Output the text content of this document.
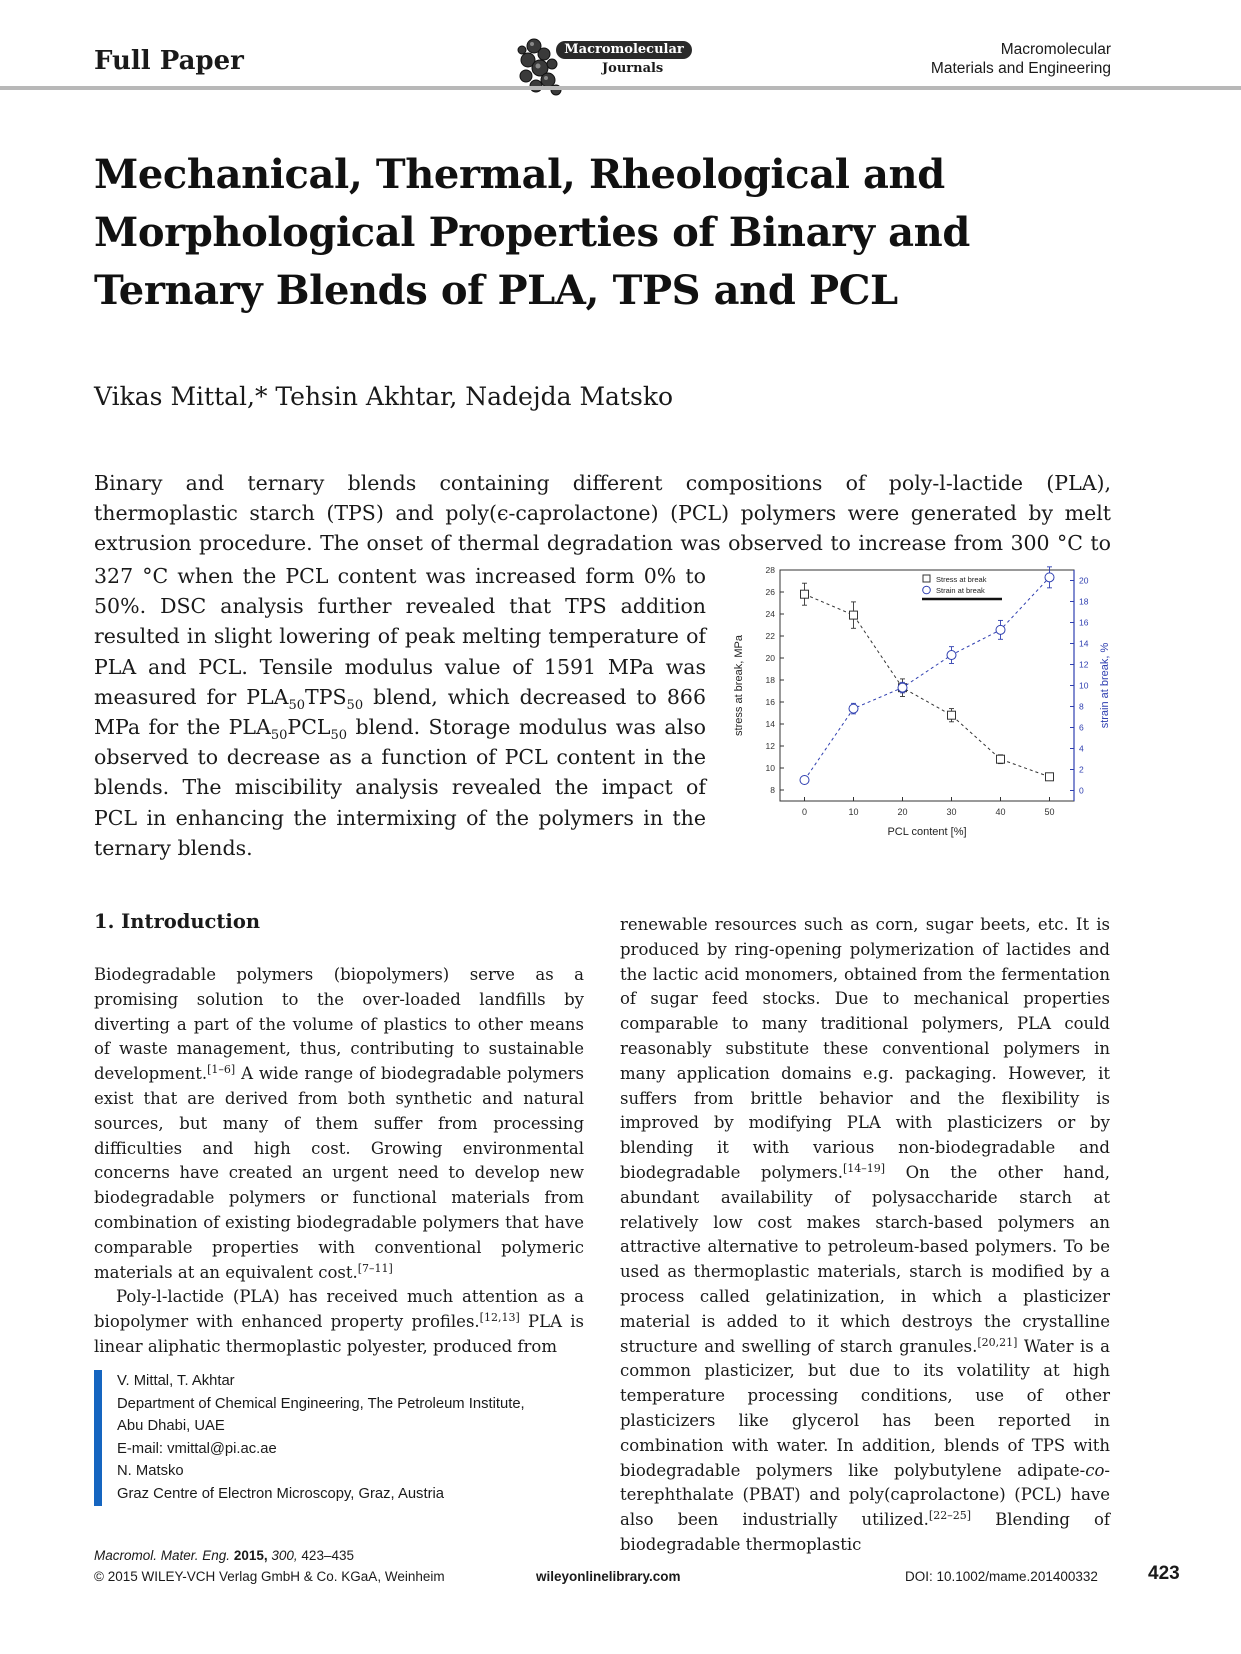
Full Paper	Macromolecular
Journals
Macromolecular
Materials and Engineering
Mechanical, Thermal, Rheological and
Morphological Properties of Binary and
Ternary Blends of PLA, TPS and PCL
Vikas Mittal,* Tehsin Akhtar, Nadejda Matsko
Binary and ternary blends containing different compositions of poly-l-lactide (PLA),
thermoplastic starch (TPS) and poly(ϵ-caprolactone) (PCL) polymers were generated by melt
extrusion procedure. The onset of thermal degradation was observed to increase from 300 °C to
327 °C when the PCL content was increased form 0% to 50%. DSC analysis further revealed that TPS addition resulted in slight lowering of peak melting temperature of PLA and PCL. Tensile modulus value of 1591 MPa was measured for $PLA_{50}TPS_{50}$ blend, which decreased to 866 MPa for the $PLA_{50}PCL_{50}$ blend. Storage modulus was also observed to decrease as a function of PCL content in the blends. The miscibility analysis revealed the impact of PCL in enhancing the intermixing of the polymers in the ternary blends.
0	10	20	30	40	50
8
10
12
14
16
18
20
22
24
26
28
0
2
4
6
8
10
12
14
16
18
20
PCL content [%]
stress at break, MPa	strain at break, %
Stress at break
Strain at break
1. Introduction

Biodegradable polymers (biopolymers) serve as a promising solution to the over-loaded landfills by diverting a part of the volume of plastics to other means of waste management, thus, contributing to sustainable development.[1–6] A wide range of biodegradable polymers exist that are derived from both synthetic and natural sources, but many of them suffer from processing difficulties and high cost. Growing environmental concerns have created an urgent need to develop new biodegradable polymers or functional materials from combination of existing biodegradable polymers that have comparable properties with conventional polymeric materials at an equivalent cost.[7–11]

Poly-l-lactide (PLA) has received much attention as a biopolymer with enhanced property profiles.[12,13] PLA is linear aliphatic thermoplastic polyester, produced from

renewable resources such as corn, sugar beets, etc. It is produced by ring-opening polymerization of lactides and the lactic acid monomers, obtained from the fermentation of sugar feed stocks. Due to mechanical properties comparable to many traditional polymers, PLA could reasonably substitute these conventional polymers in many application domains e.g. packaging. However, it suffers from brittle behavior and the flexibility is improved by modifying PLA with plasticizers or by blending it with various non-biodegradable and biodegradable polymers.[14–19] On the other hand, abundant availability of polysaccharide starch at relatively low cost makes starch-based polymers an attractive alternative to petroleum-based polymers. To be used as thermoplastic materials, starch is modified by a process called gelatinization, in which a plasticizer material is added to it which destroys the crystalline structure and swelling of starch granules.[20,21] Water is a common plasticizer, but due to its volatility at high temperature processing conditions, use of other plasticizers like glycerol has been reported in combination with water. In addition, blends of TPS with biodegradable polymers like polybutylene adipate-co-terephthalate (PBAT) and poly(caprolactone) (PCL) have also been industrially utilized.[22–25] Blending of biodegradable thermoplastic

V. Mittal, T. Akhtar
Department of Chemical Engineering, The Petroleum Institute,
Abu Dhabi, UAE
E-mail: vmittal@pi.ac.ae
N. Matsko
Graz Centre of Electron Microscopy, Graz, Austria
Macromol. Mater. Eng. 2015, 300, 423–435
© 2015 WILEY-VCH Verlag GmbH & Co. KGaA, Weinheim	wileyonlinelibrary.com	DOI: 10.1002/mame.201400332	423
